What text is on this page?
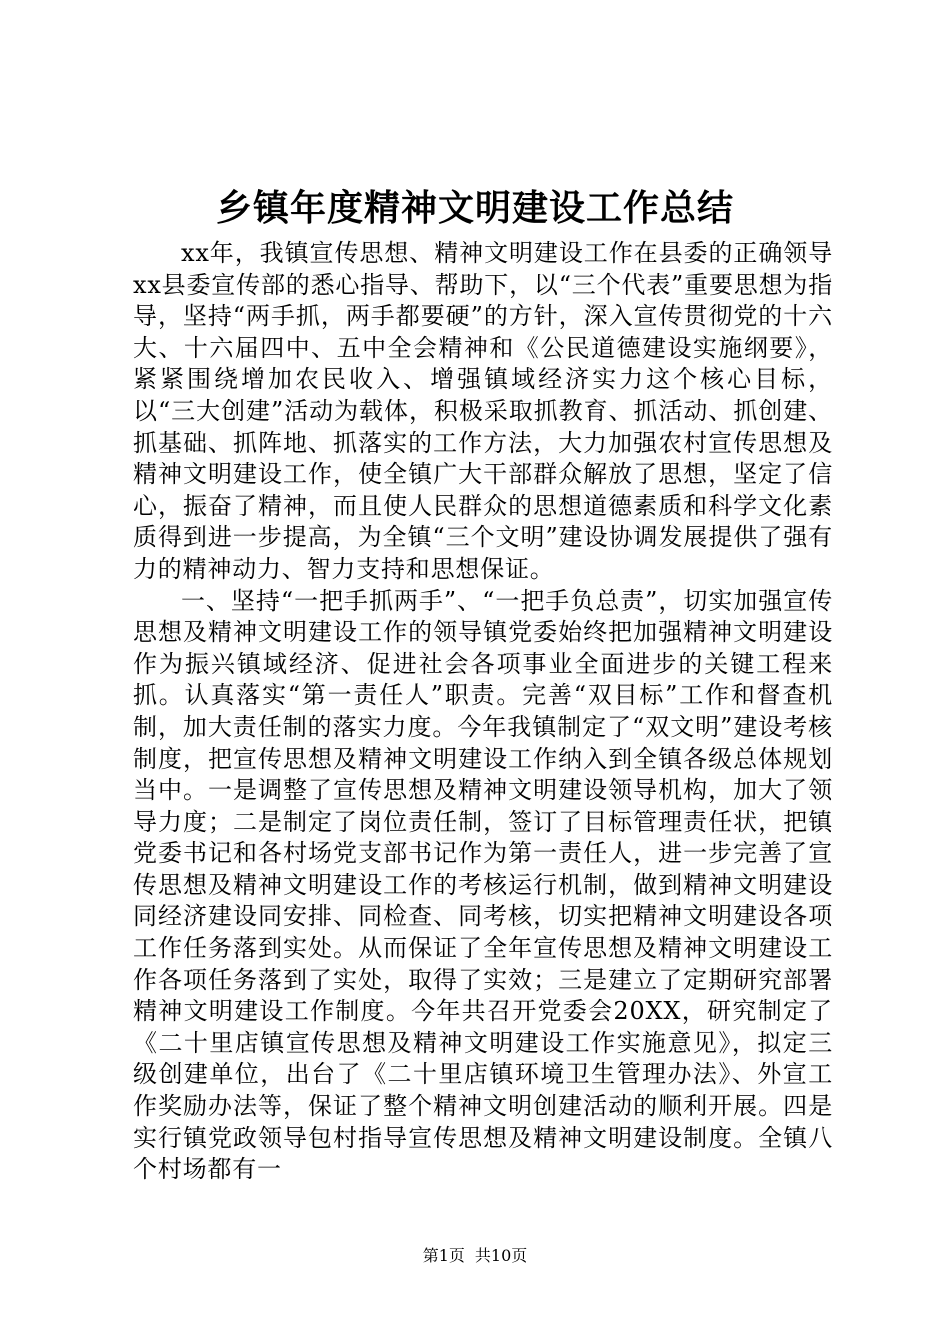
乡镇年度精神文明建设工作总结

xx年，我镇宣传思想、精神文明建设工作在县委的正确领导xx县委宣传部的悉心指导、帮助下，以“三个代表”重要思想为指导，坚持“两手抓，两手都要硬”的方针，深入宣传贯彻党的十六大、十六届四中、五中全会精神和《公民道德建设实施纲要》，紧紧围绕增加农民收入、增强镇域经济实力这个核心目标，以“三大创建”活动为载体，积极采取抓教育、抓活动、抓创建、抓基础、抓阵地、抓落实的工作方法，大力加强农村宣传思想及精神文明建设工作，使全镇广大干部群众解放了思想，坚定了信心，振奋了精神，而且使人民群众的思想道德素质和科学文化素质得到进一步提高，为全镇“三个文明”建设协调发展提供了强有力的精神动力、智力支持和思想保证。

一、坚持“一把手抓两手”、“一把手负总责”，切实加强宣传思想及精神文明建设工作的领导镇党委始终把加强精神文明建设作为振兴镇域经济、促进社会各项事业全面进步的关键工程来抓。认真落实“第一责任人”职责。完善“双目标”工作和督查机制，加大责任制的落实力度。今年我镇制定了“双文明”建设考核制度，把宣传思想及精神文明建设工作纳入到全镇各级总体规划当中。一是调整了宣传思想及精神文明建设领导机构，加大了领导力度；二是制定了岗位责任制，签订了目标管理责任状，把镇党委书记和各村场党支部书记作为第一责任人，进一步完善了宣传思想及精神文明建设工作的考核运行机制，做到精神文明建设同经济建设同安排、同检查、同考核，切实把精神文明建设各项工作任务落到实处。从而保证了全年宣传思想及精神文明建设工作各项任务落到了实处，取得了实效；三是建立了定期研究部署精神文明建设工作制度。今年共召开党委会20XX，研究制定了《二十里店镇宣传思想及精神文明建设工作实施意见》，拟定三级创建单位，出台了《二十里店镇环境卫生管理办法》、外宣工作奖励办法等，保证了整个精神文明创建活动的顺利开展。四是实行镇党政领导包村指导宣传思想及精神文明建设制度。全镇八个村场都有一

第1页 共10页
